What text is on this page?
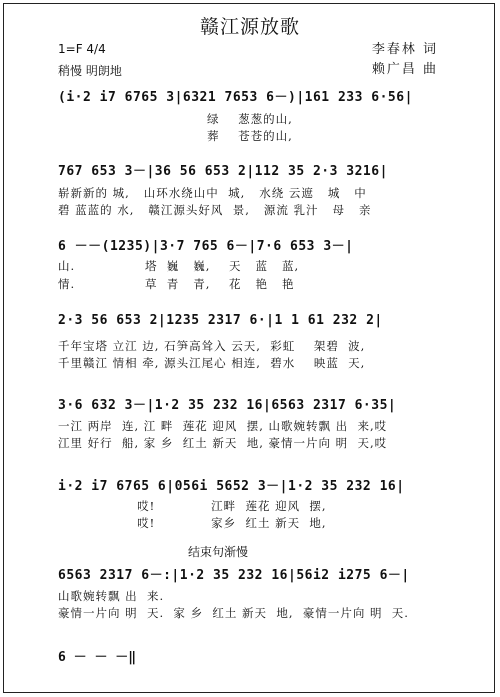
赣江源放歌
1=F 4/4
稍慢 明朗地
李春林 词
赖广昌 曲
(i·2 i7 6765 3|6321 7653 6－)|161 233 6·56|
绿    葱葱的山,
葬    苍苍的山,
767 653 3－|36 56 653 2|112 35 2·3 3216|
崭新新的 城,   山环水绕山中  城,   水绕 云遮   城   中
碧 蓝蓝的 水,   赣江源头好风  景,   源流 乳汁   母   亲
6 －－(1235)|3·7 765 6－|7·6 653 3－|
山.               塔  巍   巍,    天   蓝   蓝,
情.               草  青   青,    花   艳   艳
2·3 56 653 2|1235 2317 6·|1 1 61 232 2|
千年宝塔 立江 边, 石笋高耸入 云天,  彩虹    架碧  波,
千里赣江 情相 牵, 源头江尾心 相连,  碧水    映蓝  天,
3·6 632 3－|1·2 35 232 16|6563 2317 6·35|
一江 两岸  连, 江 畔  莲花 迎风  摆, 山歌婉转飘 出  来,哎
江里 好行  船, 家 乡  红土 新天  地, 豪情一片向 明  天,哎
i·2 i7 6765 6|056i 5652 3－|1·2 35 232 16|
哎!            江畔  莲花 迎风  摆,
哎!            家乡  红土 新天  地,
结束句渐慢
6563 2317 6－:|1·2 35 232 16|56i2 i275 6－|
山歌婉转飘 出  来.
豪情一片向 明  天.  家 乡  红土 新天  地,  豪情一片向 明  天.
6 － － －‖
